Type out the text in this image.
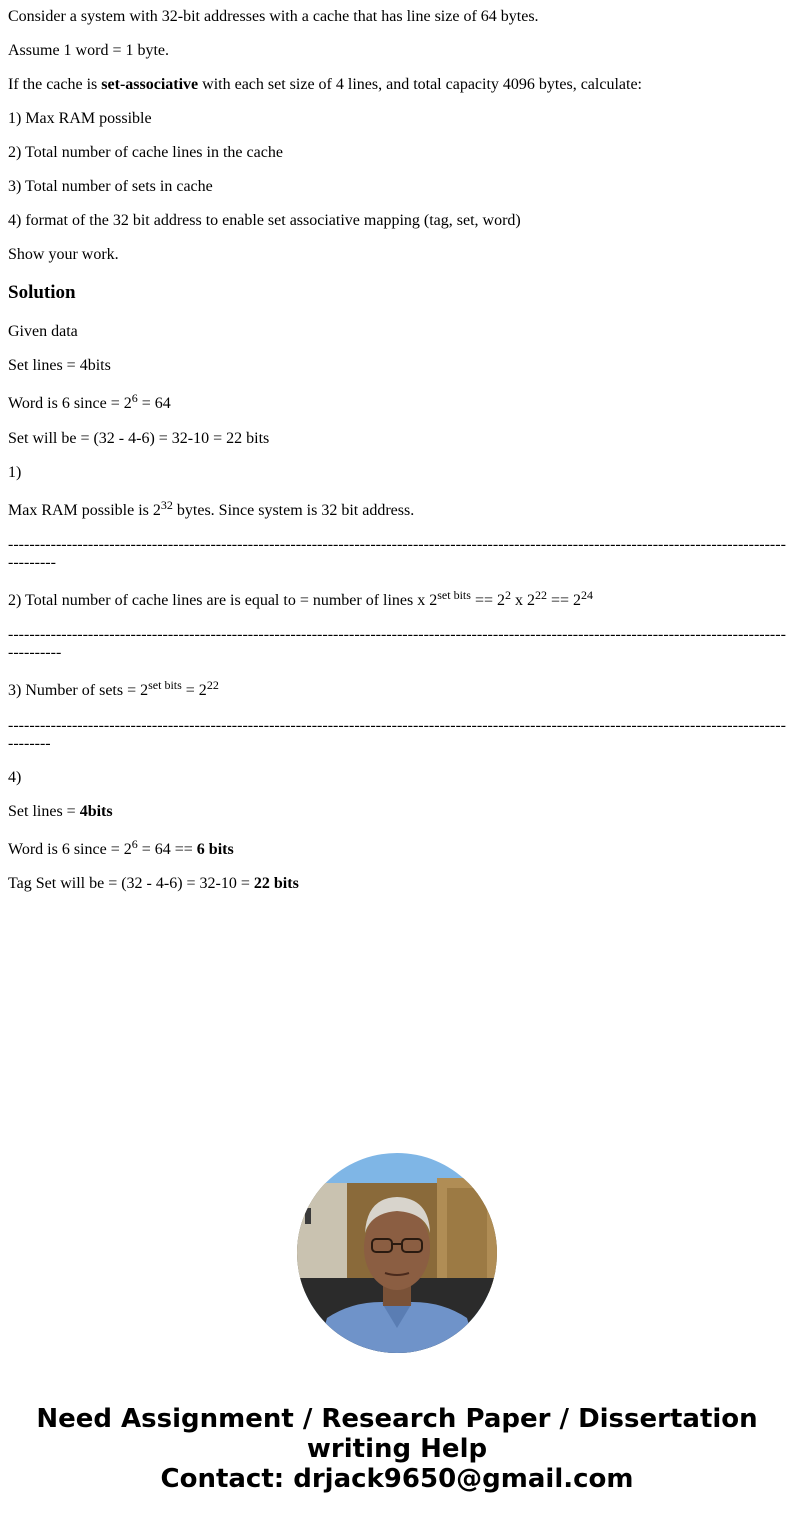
Consider a system with 32-bit addresses with a cache that has line size of 64 bytes.
Assume 1 word = 1 byte.
If the cache is set-associative with each set size of 4 lines, and total capacity 4096 bytes, calculate:
1) Max RAM possible
2) Total number of cache lines in the cache
3) Total number of sets in cache
4) format of the 32 bit address to enable set associative mapping (tag, set, word)
Show your work.
Solution
Given data
Set lines = 4bits
Word is 6 since = $2^6 = 64$
Set will be = (32 - 4-6) = 32-10 = 22 bits
1)
Max RAM possible is $2^{32}$ bytes. Since system is 32 bit address.
-----------------------------------------------------------------------------------------------------------------------------------------------------------
2) Total number of cache lines are is equal to = number of lines x $2^{set bits} == 2^2$ x $2^{22} == 2^{24}$
------------------------------------------------------------------------------------------------------------------------------------------------------------
3) Number of sets = $2^{set bits} = 2^{22}$
----------------------------------------------------------------------------------------------------------------------------------------------------------
4)
Set lines = 4bits
Word is 6 since = $2^6 = 64 == 6$ bits
Tag Set will be = (32 - 4-6) = 32-10 = 22 bits
Need Assignment / Research Paper / Dissertation
writing Help
Contact: drjack9650@gmail.com
